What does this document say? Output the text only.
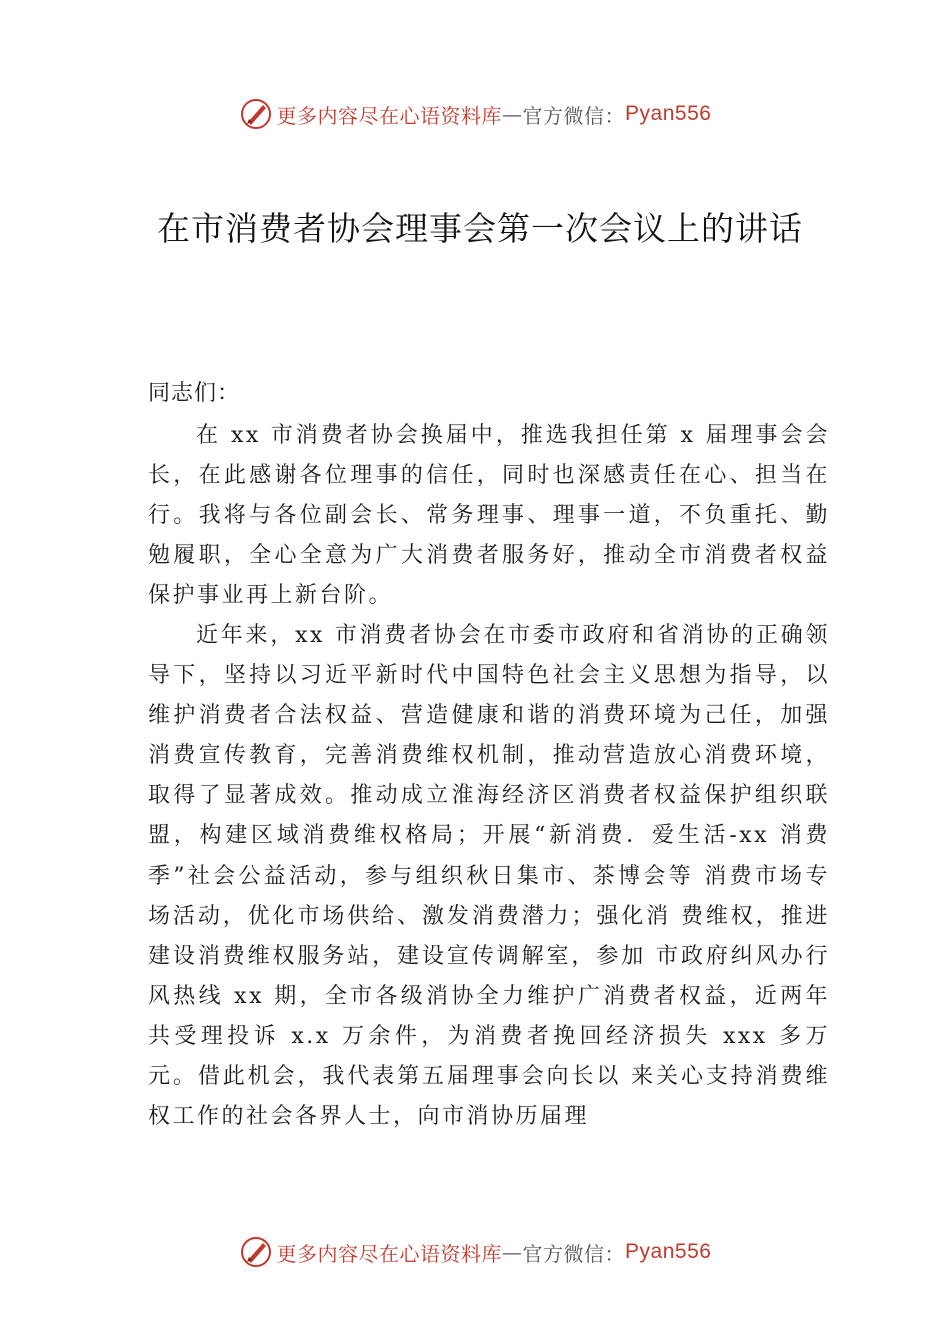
更多内容尽在心语资料库 — 官方微信： Pyan556
在市消费者协会理事会第一次会议上的讲话
同志们：

在 xx 市消费者协会换届中，推选我担任第 x 届理事会会长，在此感谢各位理事的信任，同时也深感责任在心、担当在行。我将与各位副会长、常务理事、理事一道，不负重托、勤勉履职，全心全意为广大消费者服务好，推动全市消费者权益保护事业再上新台阶。

近年来，xx 市消费者协会在市委市政府和省消协的正确领导下，坚持以习近平新时代中国特色社会主义思想为指导，以维护消费者合法权益、营造健康和谐的消费环境为己任，加强消费宣传教育，完善消费维权机制，推动营造放心消费环境，取得了显著成效。推动成立淮海经济区消费者权益保护组织联盟，构建区域消费维权格局；开展“新消费．爱生活-xx 消费季”社会公益活动，参与组织秋日集市、茶博会等 消费市场专场活动，优化市场供给、激发消费潜力；强化消 费维权，推进建设消费维权服务站，建设宣传调解室，参加 市政府纠风办行风热线 xx 期，全市各级消协全力维护广消费者权益，近两年共受理投诉 x.x 万余件，为消费者挽回经济损失 xxx 多万元。借此机会，我代表第五届理事会向长以 来关心支持消费维权工作的社会各界人士，向市消协历届理

更多内容尽在心语资料库 — 官方微信： Pyan556
